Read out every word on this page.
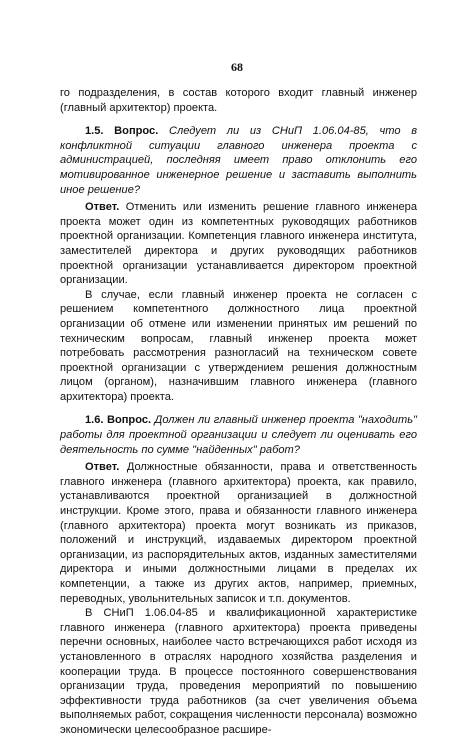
68

го подразделения, в состав которого входит главный инженер (главный архитектор) проекта.

1.5. Вопрос. Следует ли из СНиП 1.06.04-85, что в конфликтной ситуации главного инженера проекта с администрацией, последняя имеет право отклонить его мотивированное инженерное решение и заставить выполнить иное решение?

Ответ. Отменить или изменить решение главного инженера проекта может один из компетентных руководящих работников проектной организации. Компетенция главного инженера института, заместителей директора и других руководящих работников проектной организации устанавливается директором проектной организации.

В случае, если главный инженер проекта не согласен с решением компетентного должностного лица проектной организации об отмене или изменении принятых им решений по техническим вопросам, главный инженер проекта может потребовать рассмотрения разногласий на техническом совете проектной организации с утверждением решения должностным лицом (органом), назначившим главного инженера (главного архитектора) проекта.

1.6. Вопрос. Должен ли главный инженер проекта "находить" работы для проектной организации и следует ли оценивать его деятельность по сумме "найденных" работ?

Ответ. Должностные обязанности, права и ответственность главного инженера (главного архитектора) проекта, как правило, устанавливаются проектной организацией в должностной инструкции. Кроме этого, права и обязанности главного инженера (главного архитектора) проекта могут возникать из приказов, положений и инструкций, издаваемых директором проектной организации, из распорядительных актов, изданных заместителями директора и иными должностными лицами в пределах их компетенции, а также из других актов, например, приемных, переводных, увольнительных записок и т.п. документов.

В СНиП 1.06.04-85 и квалификационной характеристике главного инженера (главного архитектора) проекта приведены перечни основных, наиболее часто встречающихся работ исходя из установленного в отраслях народного хозяйства разделения и кооперации труда. В процессе постоянного совершенствования организации труда, проведения мероприятий по повышению эффективности труда работников (за счет увеличения объема выполняемых работ, сокращения численности персонала) возможно экономически целесообразное расшире-
